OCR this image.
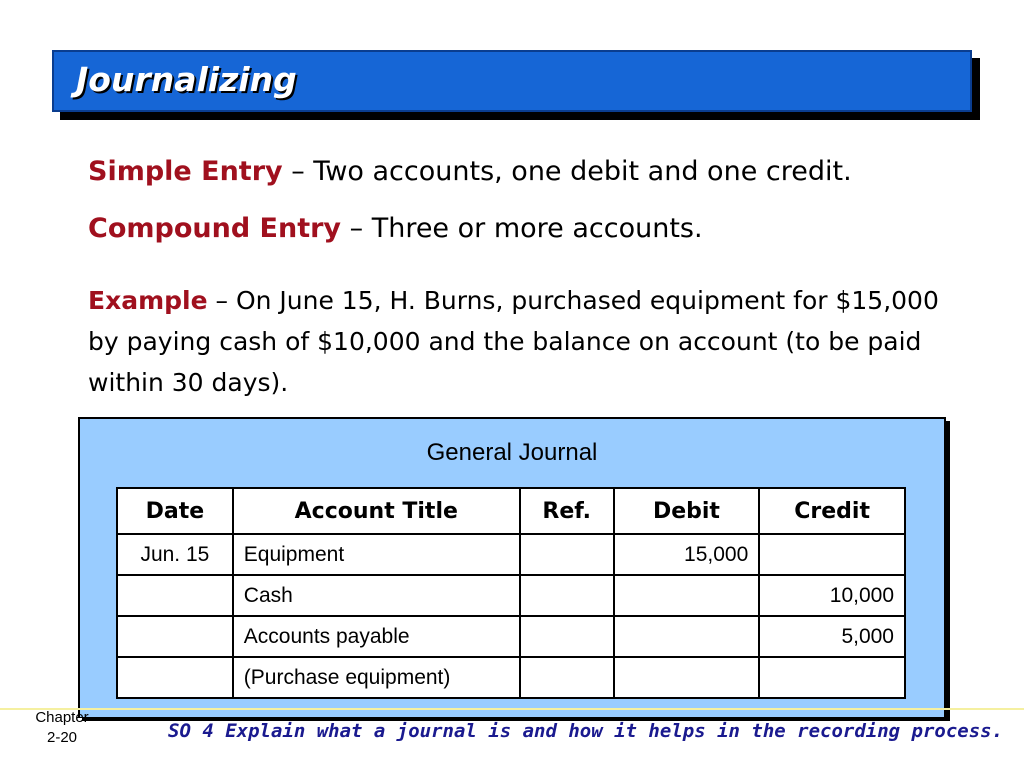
Journalizing
Simple Entry – Two accounts, one debit and one credit.
Compound Entry – Three or more accounts.
Example – On June 15, H. Burns, purchased equipment for $15,000 by paying cash of $10,000 and the balance on account (to be paid within 30 days).
General Journal
Date	Account Title	Ref.	Debit	Credit
Jun. 15	Equipment		15,000	
	Cash			10,000
	Accounts payable			5,000
	(Purchase equipment)			
Chapter
2-20	SO 4 Explain what a journal is and how it helps in the recording process.
